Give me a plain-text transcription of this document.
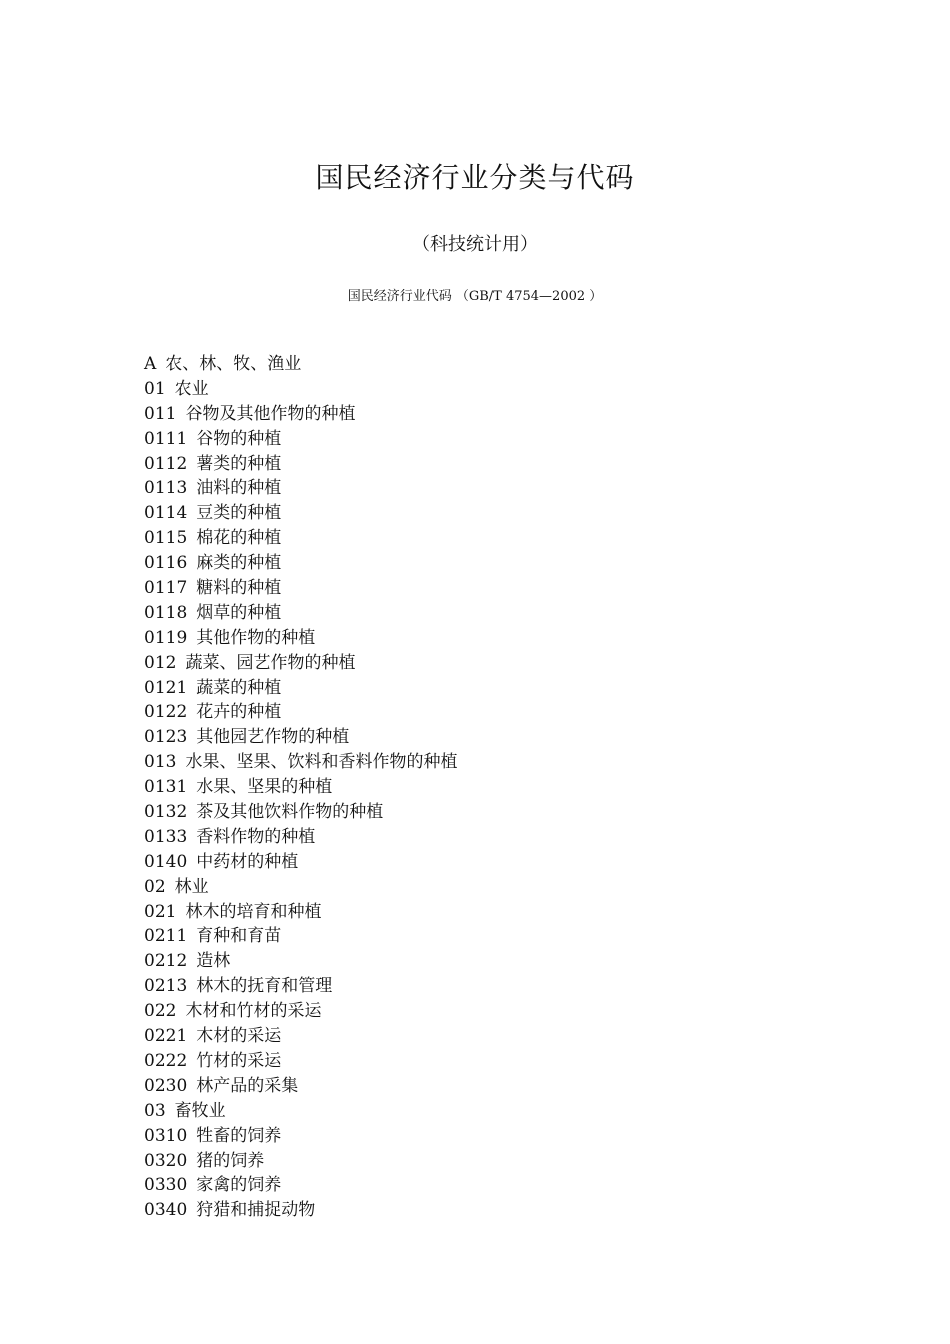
国民经济行业分类与代码
（科技统计用）
国民经济行业代码 （GB/T 4754—2002 ）
A 农、林、牧、渔业
01 农业
011 谷物及其他作物的种植
0111 谷物的种植
0112 薯类的种植
0113 油料的种植
0114 豆类的种植
0115 棉花的种植
0116 麻类的种植
0117 糖料的种植
0118 烟草的种植
0119 其他作物的种植
012 蔬菜、园艺作物的种植
0121 蔬菜的种植
0122 花卉的种植
0123 其他园艺作物的种植
013 水果、坚果、饮料和香料作物的种植
0131 水果、坚果的种植
0132 茶及其他饮料作物的种植
0133 香料作物的种植
0140 中药材的种植
02 林业
021 林木的培育和种植
0211 育种和育苗
0212 造林
0213 林木的抚育和管理
022 木材和竹材的采运
0221 木材的采运
0222 竹材的采运
0230 林产品的采集
03 畜牧业
0310 牲畜的饲养
0320 猪的饲养
0330 家禽的饲养
0340 狩猎和捕捉动物
